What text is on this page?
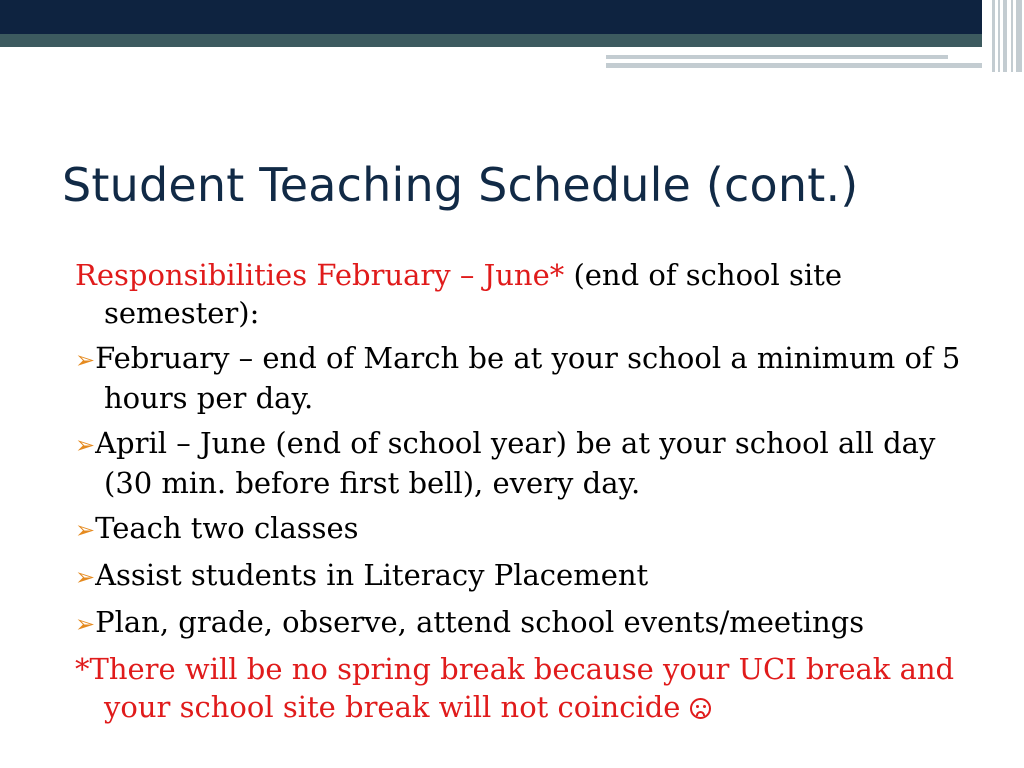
Student Teaching Schedule (cont.)

Responsibilities February – June* (end of school site semester):

➢February – end of March be at your school a minimum of 5 hours per day.

➢April – June (end of school year) be at your school all day (30 min. before first bell), every day.

➢Teach two classes

➢Assist students in Literacy Placement

➢Plan, grade, observe, attend school events/meetings

*There will be no spring break because your UCI break and your school site break will not coincide
